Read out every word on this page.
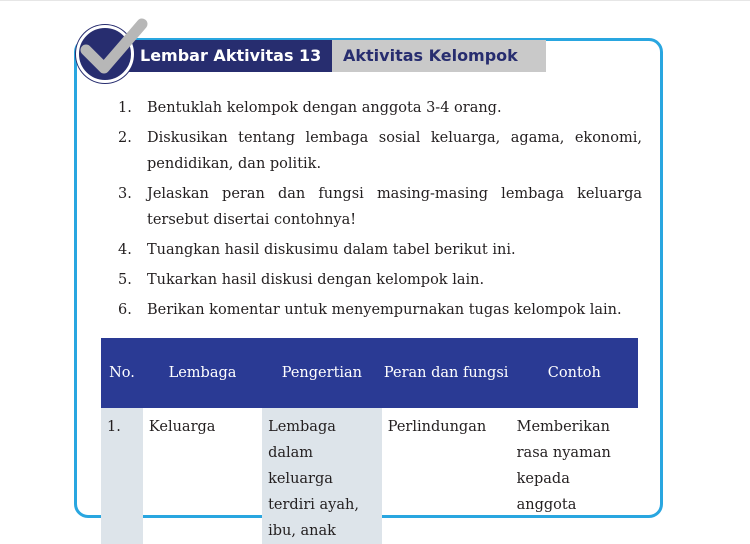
Lembar Aktivitas 13	Aktivitas Kelompok
1. Bentuklah kelompok dengan anggota 3-4 orang.
2. Diskusikan tentang lembaga sosial keluarga, agama, ekonomi, pendidikan, dan politik.
3. Jelaskan peran dan fungsi masing-masing lembaga keluarga tersebut disertai contohnya!
4. Tuangkan hasil diskusimu dalam tabel berikut ini.
5. Tukarkan hasil diskusi dengan kelompok lain.
6. Berikan komentar untuk menyempurnakan tugas kelompok lain.
No.	Lembaga	Pengertian	Peran dan fungsi	Contoh
1.	Keluarga	Lembaga dalam keluarga terdiri ayah, ibu, anak	Perlindungan	Memberikan rasa nyaman kepada anggota
